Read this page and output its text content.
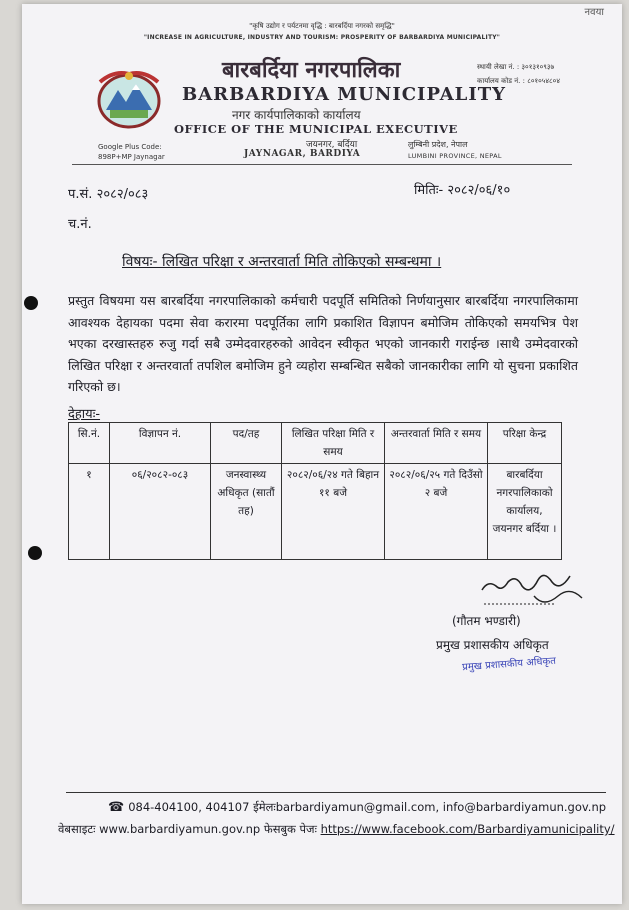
नवया
"कृषि उद्योग र पर्यटनमा वृद्धि : बारबर्दिया नगरको समृद्धि"
"INCREASE IN AGRICULTURE, INDUSTRY AND TOURISM: PROSPERITY OF BARBARDIYA MUNICIPALITY"
बारबर्दिया नगरपालिका
BARBARDIYA MUNICIPALITY
नगर कार्यपालिकाको कार्यालय
OFFICE OF THE MUNICIPAL EXECUTIVE
स्थायी लेखा नं. : ३०१३१०९३७
कार्यालय कोड नं. : ८०१०५४८०४
Google Plus Code:
898P+MP Jaynagar
जयनगर, बर्दिया
JAYNAGAR, BARDIYA
लुम्बिनी प्रदेश, नेपाल
LUMBINI PROVINCE, NEPAL
प.सं. २०८२/०८३
च.नं.
मितिः- २०८२/०६/१०
विषयः- लिखित परिक्षा र अन्तरवार्ता मिति तोकिएको सम्बन्धमा ।
प्रस्तुत विषयमा यस बारबर्दिया नगरपालिकाको कर्मचारी पदपूर्ति समितिको निर्णयानुसार बारबर्दिया नगरपालिकामा आवश्यक देहायका पदमा सेवा करारमा पदपूर्तिका लागि प्रकाशित विज्ञापन बमोजिम तोकिएको समयभित्र पेश भएका दरखास्तहरु रुजु गर्दा सबै उम्मेदवारहरुको आवेदन स्वीकृत भएको जानकारी गराईन्छ ।साथै उम्मेदवारको लिखित परिक्षा र अन्तरवार्ता तपशिल बमोजिम हुने व्यहोरा सम्बन्धित सबैको जानकारीका लागि यो सुचना प्रकाशित गरिएको छ।
देहायः-
सि.नं.	विज्ञापन नं.	पद/तह	लिखित परिक्षा मिति र समय	अन्तरवार्ता मिति र समय	परिक्षा केन्द्र
१	०६/२०८२-०८३	जनस्वास्थ्य अधिकृत (सातौं तह)	२०८२/०६/२४ गते बिहान ११ बजे	२०८२/०६/२५ गते दिउँसो २ बजे	बारबर्दिया नगरपालिकाको कार्यालय, जयनगर बर्दिया ।
(गौतम भण्डारी)
प्रमुख प्रशासकीय अधिकृत
प्रमुख प्रशासकीय अधिकृत
☎ 084-404100, 404107 ईमेलःbarbardiyamun@gmail.com, info@barbardiyamun.gov.np
वेबसाइटः www.barbardiyamun.gov.np फेसबुक पेजः https://www.facebook.com/Barbardiyamunicipality/
